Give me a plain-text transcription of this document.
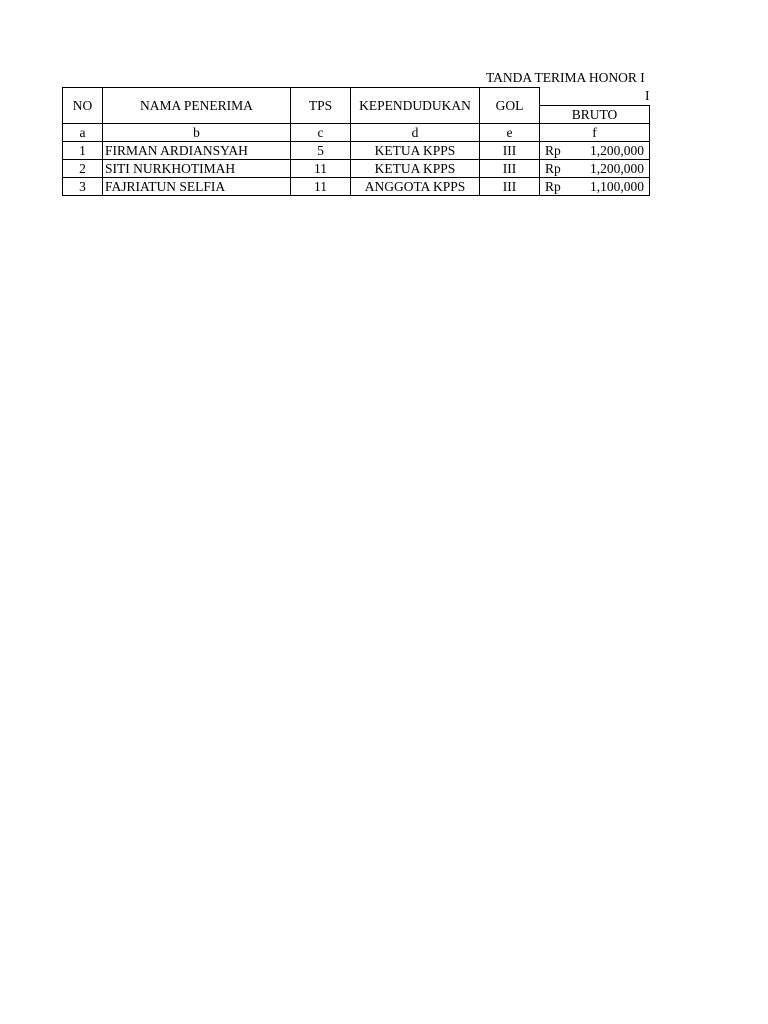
TANDA TERIMA HONOR I
I
NO	NAMA PENERIMA	TPS	KEPENDUDUKAN	GOL	
					BRUTO
a	b	c	d	e	f
1	FIRMAN ARDIANSYAH	5	KETUA KPPS	III	Rp 1,200,000

2	SITI NURKHOTIMAH	11	KETUA KPPS	III	Rp 1,200,000

3	FAJRIATUN SELFIA	11	ANGGOTA KPPS	III	Rp 1,100,000
